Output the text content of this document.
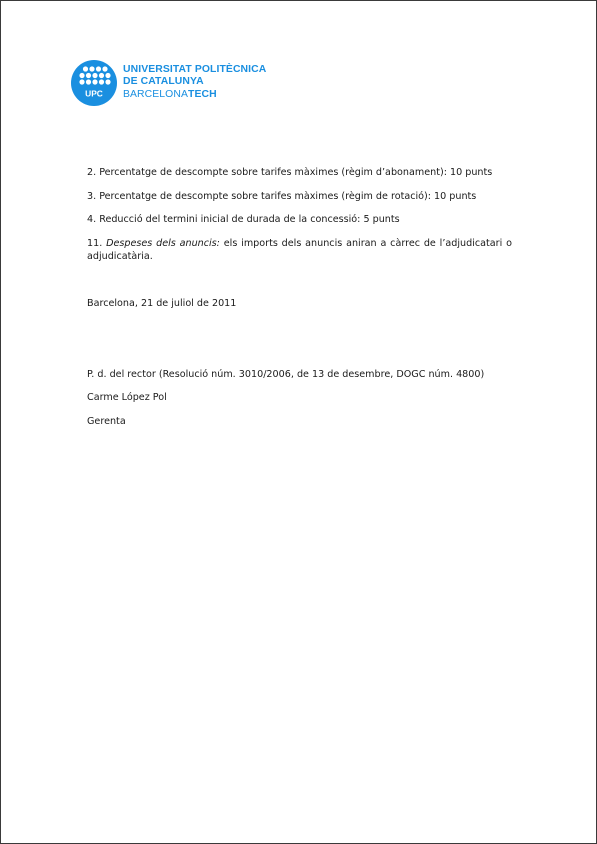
UPC
UNIVERSITAT POLITÈCNICA
DE CATALUNYA
BARCELONATECH
2. Percentatge de descompte sobre tarifes màximes (règim d’abonament): 10 punts
3. Percentatge de descompte sobre tarifes màximes (règim de rotació): 10 punts
4. Reducció del termini inicial de durada de la concessió: 5 punts
11. Despeses dels anuncis: els imports dels anuncis aniran a càrrec de l’adjudicatari o adjudicatària.
Barcelona, 21 de juliol de 2011
P. d. del rector (Resolució núm. 3010/2006, de 13 de desembre, DOGC núm. 4800)
Carme López Pol
Gerenta
